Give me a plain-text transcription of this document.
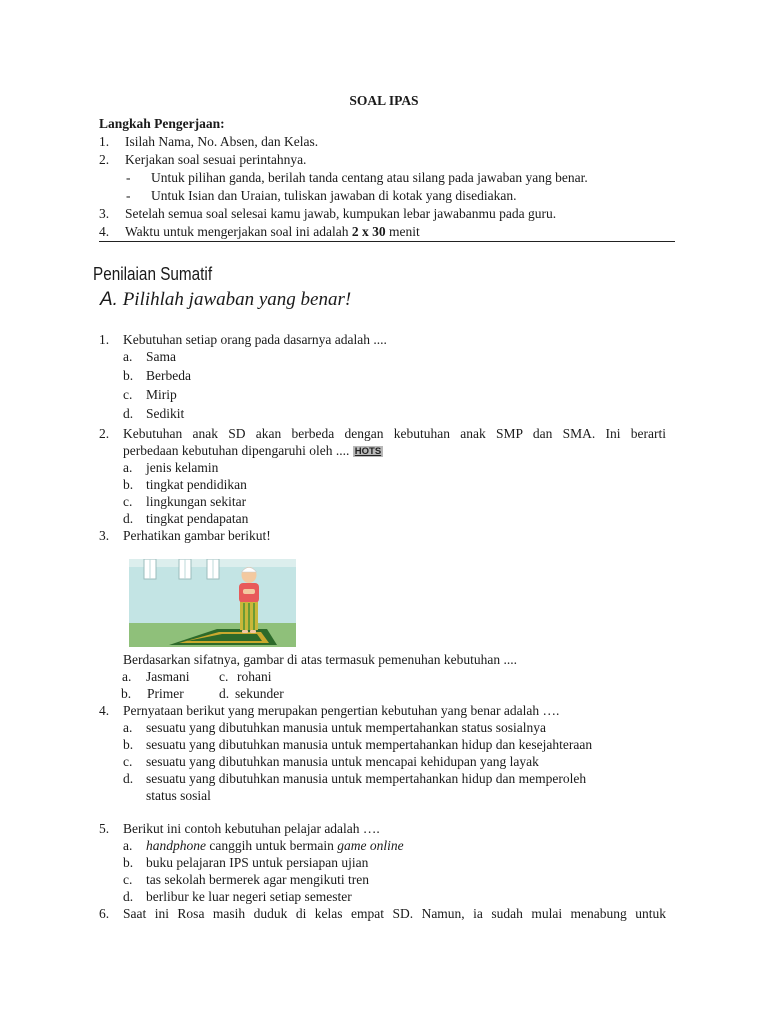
SOAL IPAS
Langkah Pengerjaan:
1. Isilah Nama, No. Absen, dan Kelas.
2. Kerjakan soal sesuai perintahnya.
- Untuk pilihan ganda, berilah tanda centang atau silang pada jawaban yang benar.
- Untuk Isian dan Uraian, tuliskan jawaban di kotak yang disediakan.
3. Setelah semua soal selesai kamu jawab, kumpukan lebar jawabanmu pada guru.
4. Waktu untuk mengerjakan soal ini adalah 2 x 30 menit
Penilaian Sumatif
A. Pilihlah jawaban yang benar!
1. Kebutuhan setiap orang pada dasarnya adalah ....
a. Sama
b. Berbeda
c. Mirip
d. Sedikit
2. Kebutuhan anak SD akan berbeda dengan kebutuhan anak SMP dan SMA. Ini berarti
perbedaan kebutuhan dipengaruhi oleh .... HOTS
a. jenis kelamin
b. tingkat pendidikan
c. lingkungan sekitar
d. tingkat pendapatan
3. Perhatikan gambar berikut!
Berdasarkan sifatnya, gambar di atas termasuk pemenuhan kebutuhan ....
a. Jasmani c. rohani
b. Primer	d. sekunder
4. Pernyataan berikut yang merupakan pengertian kebutuhan yang benar adalah ….
a. sesuatu yang dibutuhkan manusia untuk mempertahankan status sosialnya
b. sesuatu yang dibutuhkan manusia untuk mempertahankan hidup dan kesejahteraan
c. sesuatu yang dibutuhkan manusia untuk mencapai kehidupan yang layak
d. sesuatu yang dibutuhkan manusia untuk mempertahankan hidup dan memperoleh
status sosial
5. Berikut ini contoh kebutuhan pelajar adalah ….
a. handphone canggih untuk bermain game online
b. buku pelajaran IPS untuk persiapan ujian
c. tas sekolah bermerek agar mengikuti tren
d. berlibur ke luar negeri setiap semester
6. Saat ini Rosa masih duduk di kelas empat SD. Namun, ia sudah mulai menabung untuk
